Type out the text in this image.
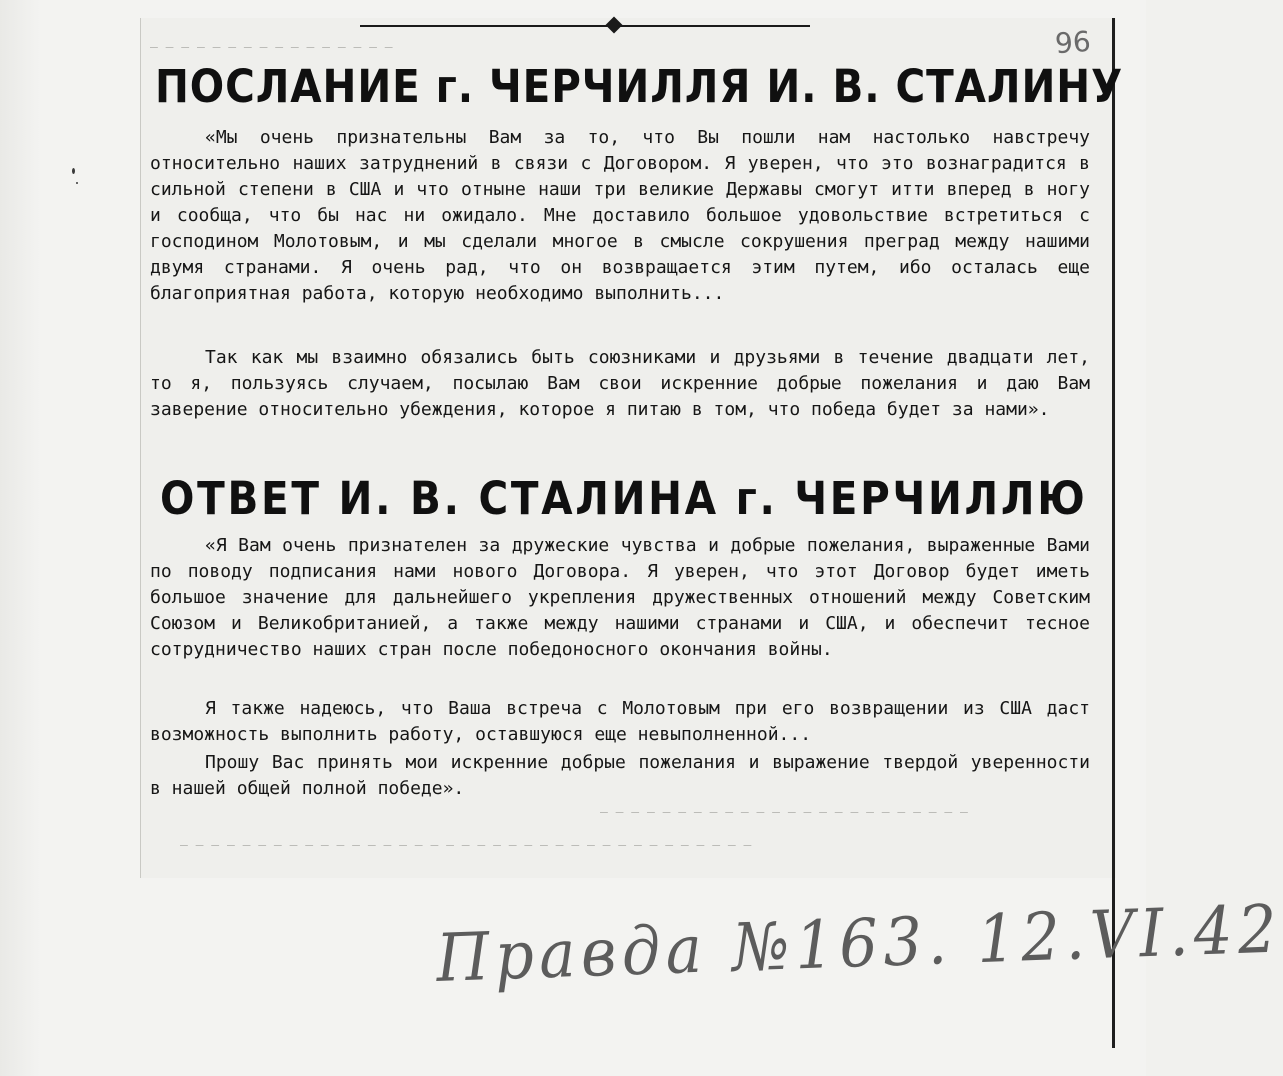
— — — — — — — — — — — — — — — —
— — — — — — — — — — — — — — — — — — — — — — — —
— — — — — — — — — — — — — — — — — — — — — — — — — — — — — — — — — — — — —
96
ПОСЛАНИЕ г. ЧЕРЧИЛЛЯ И. В. СТАЛИНУ

«Мы очень признательны Вам за то, что Вы пошли нам настолько навстречу относительно наших затруднений в связи с Договором. Я уверен, что это вознаградится в сильной степени в США и что отныне наши три великие Державы смогут итти вперед в ногу и сообща, что бы нас ни ожидало. Мне доставило большое удовольствие встретиться с господином Молотовым, и мы сделали многое в смысле сокрушения преград между нашими двумя странами. Я очень рад, что он возвращается этим путем, ибо осталась еще благоприятная работа, которую необходимо выполнить...

Так как мы взаимно обязались быть союзниками и друзьями в течение двадцати лет, то я, пользуясь случаем, посылаю Вам свои искренние добрые пожелания и даю Вам заверение относительно убеждения, которое я питаю в том, что победа будет за нами».

ОТВЕТ И. В. СТАЛИНА г. ЧЕРЧИЛЛЮ

«Я Вам очень признателен за дружеские чувства и добрые пожелания, выраженные Вами по поводу подписания нами нового Договора. Я уверен, что этот Договор будет иметь большое значение для дальнейшего укрепления дружественных отношений между Советским Союзом и Великобританией, а также между нашими странами и США, и обеспечит тесное сотрудничество наших стран после победоносного окончания войны.

Я также надеюсь, что Ваша встреча с Молотовым при его возвращении из США даст возможность выполнить работу, оставшуюся еще невыполненной...

Прошу Вас принять мои искренние добрые пожелания и выражение твердой уверенности в нашей общей полной победе».

Правда №163. 12.VI.42
